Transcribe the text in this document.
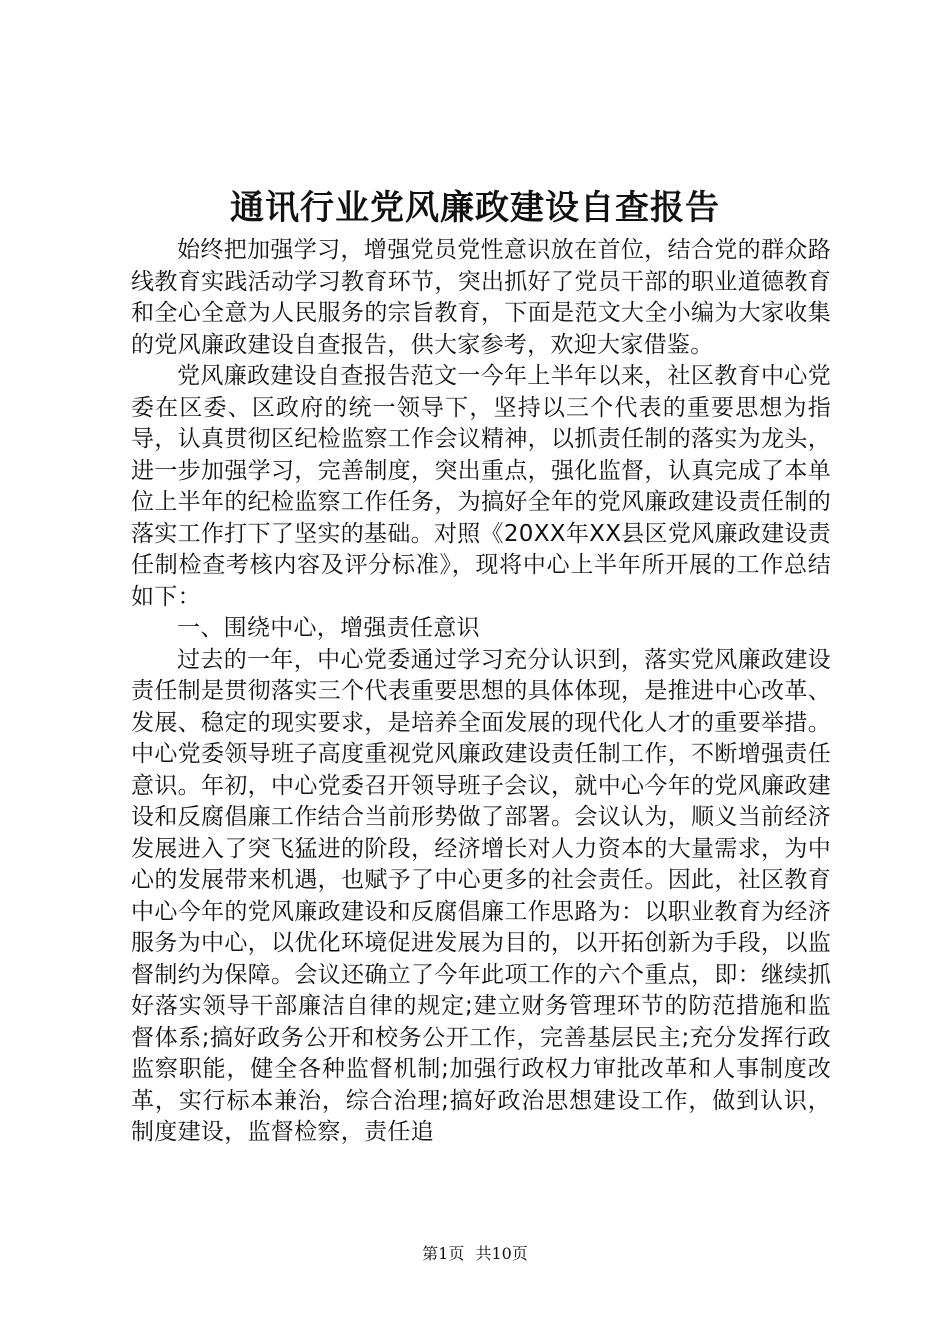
通讯行业党风廉政建设自查报告

始终把加强学习，增强党员党性意识放在首位，结合党的群众路线教育实践活动学习教育环节，突出抓好了党员干部的职业道德教育和全心全意为人民服务的宗旨教育，下面是范文大全小编为大家收集的党风廉政建设自查报告，供大家参考，欢迎大家借鉴。

党风廉政建设自查报告范文一今年上半年以来，社区教育中心党委在区委、区政府的统一领导下，坚持以三个代表的重要思想为指导，认真贯彻区纪检监察工作会议精神，以抓责任制的落实为龙头，进一步加强学习，完善制度，突出重点，强化监督，认真完成了本单位上半年的纪检监察工作任务，为搞好全年的党风廉政建设责任制的落实工作打下了坚实的基础。对照《20XX年XX县区党风廉政建设责任制检查考核内容及评分标准》，现将中心上半年所开展的工作总结如下：

一、围绕中心，增强责任意识

过去的一年，中心党委通过学习充分认识到，落实党风廉政建设责任制是贯彻落实三个代表重要思想的具体体现，是推进中心改革、发展、稳定的现实要求，是培养全面发展的现代化人才的重要举措。中心党委领导班子高度重视党风廉政建设责任制工作，不断增强责任意识。年初，中心党委召开领导班子会议，就中心今年的党风廉政建设和反腐倡廉工作结合当前形势做了部署。会议认为，顺义当前经济发展进入了突飞猛进的阶段，经济增长对人力资本的大量需求，为中心的发展带来机遇，也赋予了中心更多的社会责任。因此，社区教育中心今年的党风廉政建设和反腐倡廉工作思路为：以职业教育为经济服务为中心，以优化环境促进发展为目的，以开拓创新为手段，以监督制约为保障。会议还确立了今年此项工作的六个重点，即：继续抓好落实领导干部廉洁自律的规定;建立财务管理环节的防范措施和监督体系;搞好政务公开和校务公开工作，完善基层民主;充分发挥行政监察职能，健全各种监督机制;加强行政权力审批改革和人事制度改革，实行标本兼治，综合治理;搞好政治思想建设工作，做到认识，制度建设，监督检察，责任追

第1页 共10页
